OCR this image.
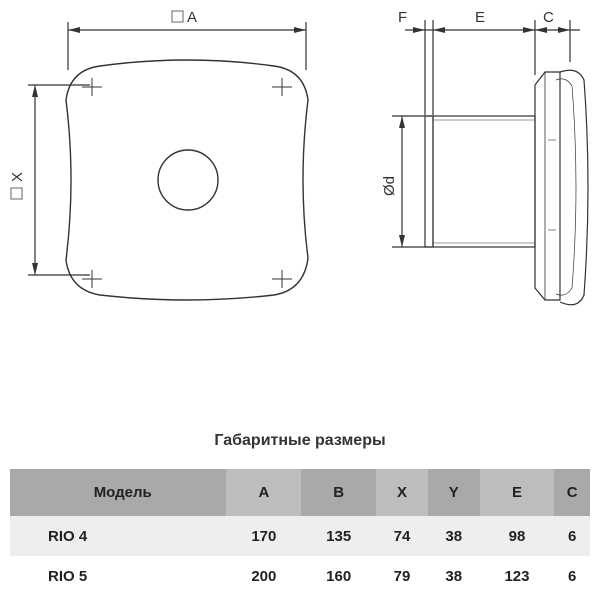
A
X
F	E	C
Ød
Габаритные размеры
Модель	A	B	X	Y	E	C
RIO 4	170	135	74	38	98	6
RIO 5	200	160	79	38	123	6
